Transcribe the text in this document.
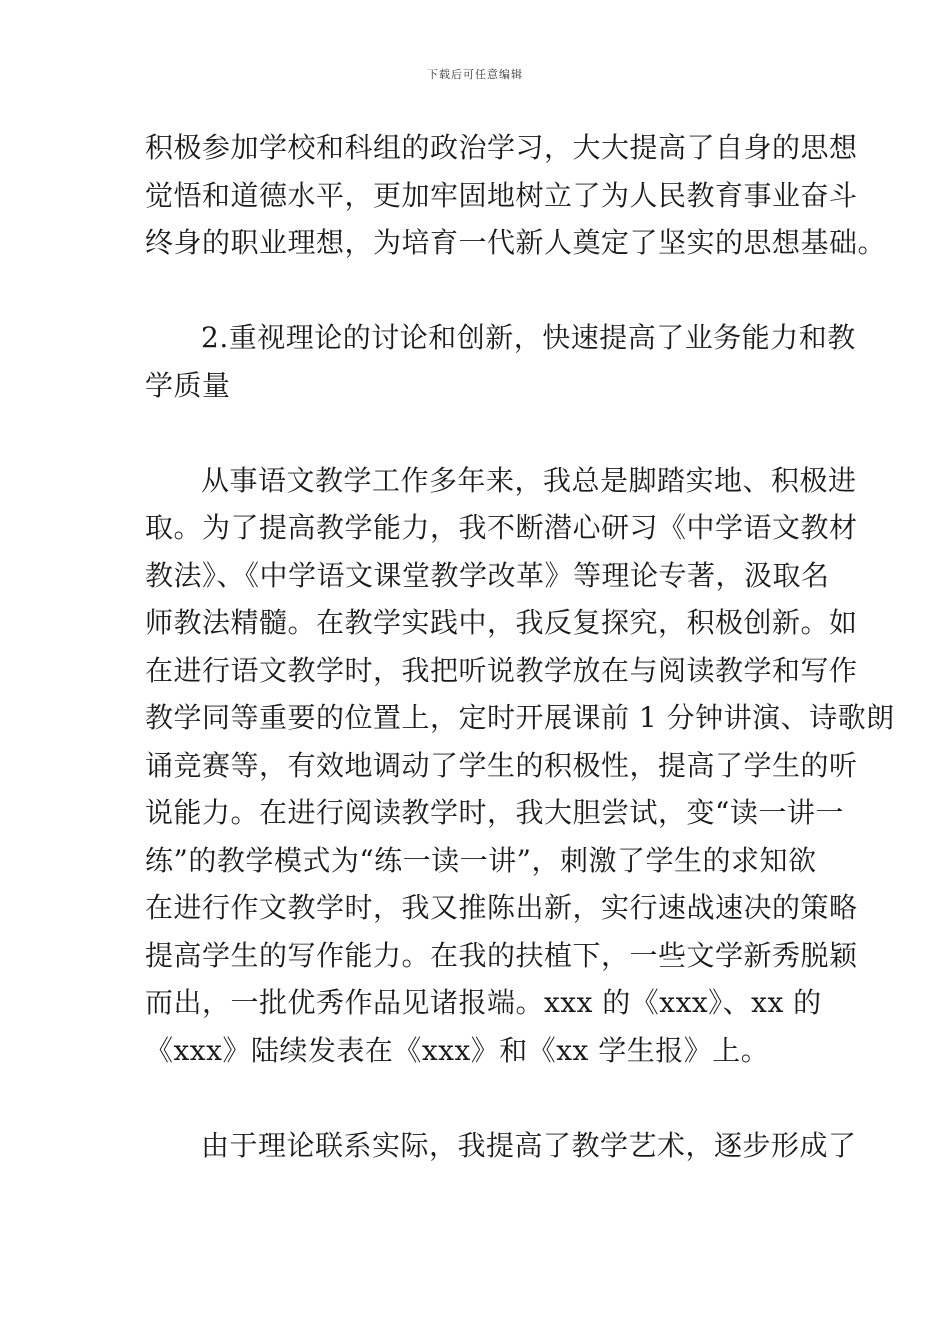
下载后可任意编辑
积极参加学校和科组的政治学习，大大提高了自身的思想
觉悟和道德水平，更加牢固地树立了为人民教育事业奋斗
终身的职业理想，为培育一代新人奠定了坚实的思想基础。
2.重视理论的讨论和创新，快速提高了业务能力和教
学质量
从事语文教学工作多年来，我总是脚踏实地、积极进
取。为了提高教学能力，我不断潜心研习《中学语文教材
教法》、《中学语文课堂教学改革》等理论专著，汲取名
师教法精髓。在教学实践中，我反复探究，积极创新。如
在进行语文教学时，我把听说教学放在与阅读教学和写作
教学同等重要的位置上，定时开展课前 1 分钟讲演、诗歌朗
诵竞赛等，有效地调动了学生的积极性，提高了学生的听
说能力。在进行阅读教学时，我大胆尝试，变“读一讲一
练”的教学模式为“练一读一讲”，刺激了学生的求知欲
在进行作文教学时，我又推陈出新，实行速战速决的策略
提高学生的写作能力。在我的扶植下，一些文学新秀脱颖
而出，一批优秀作品见诸报端。xxx 的《xxx》、xx 的
《xxx》陆续发表在《xxx》和《xx 学生报》上。
由于理论联系实际，我提高了教学艺术，逐步形成了
